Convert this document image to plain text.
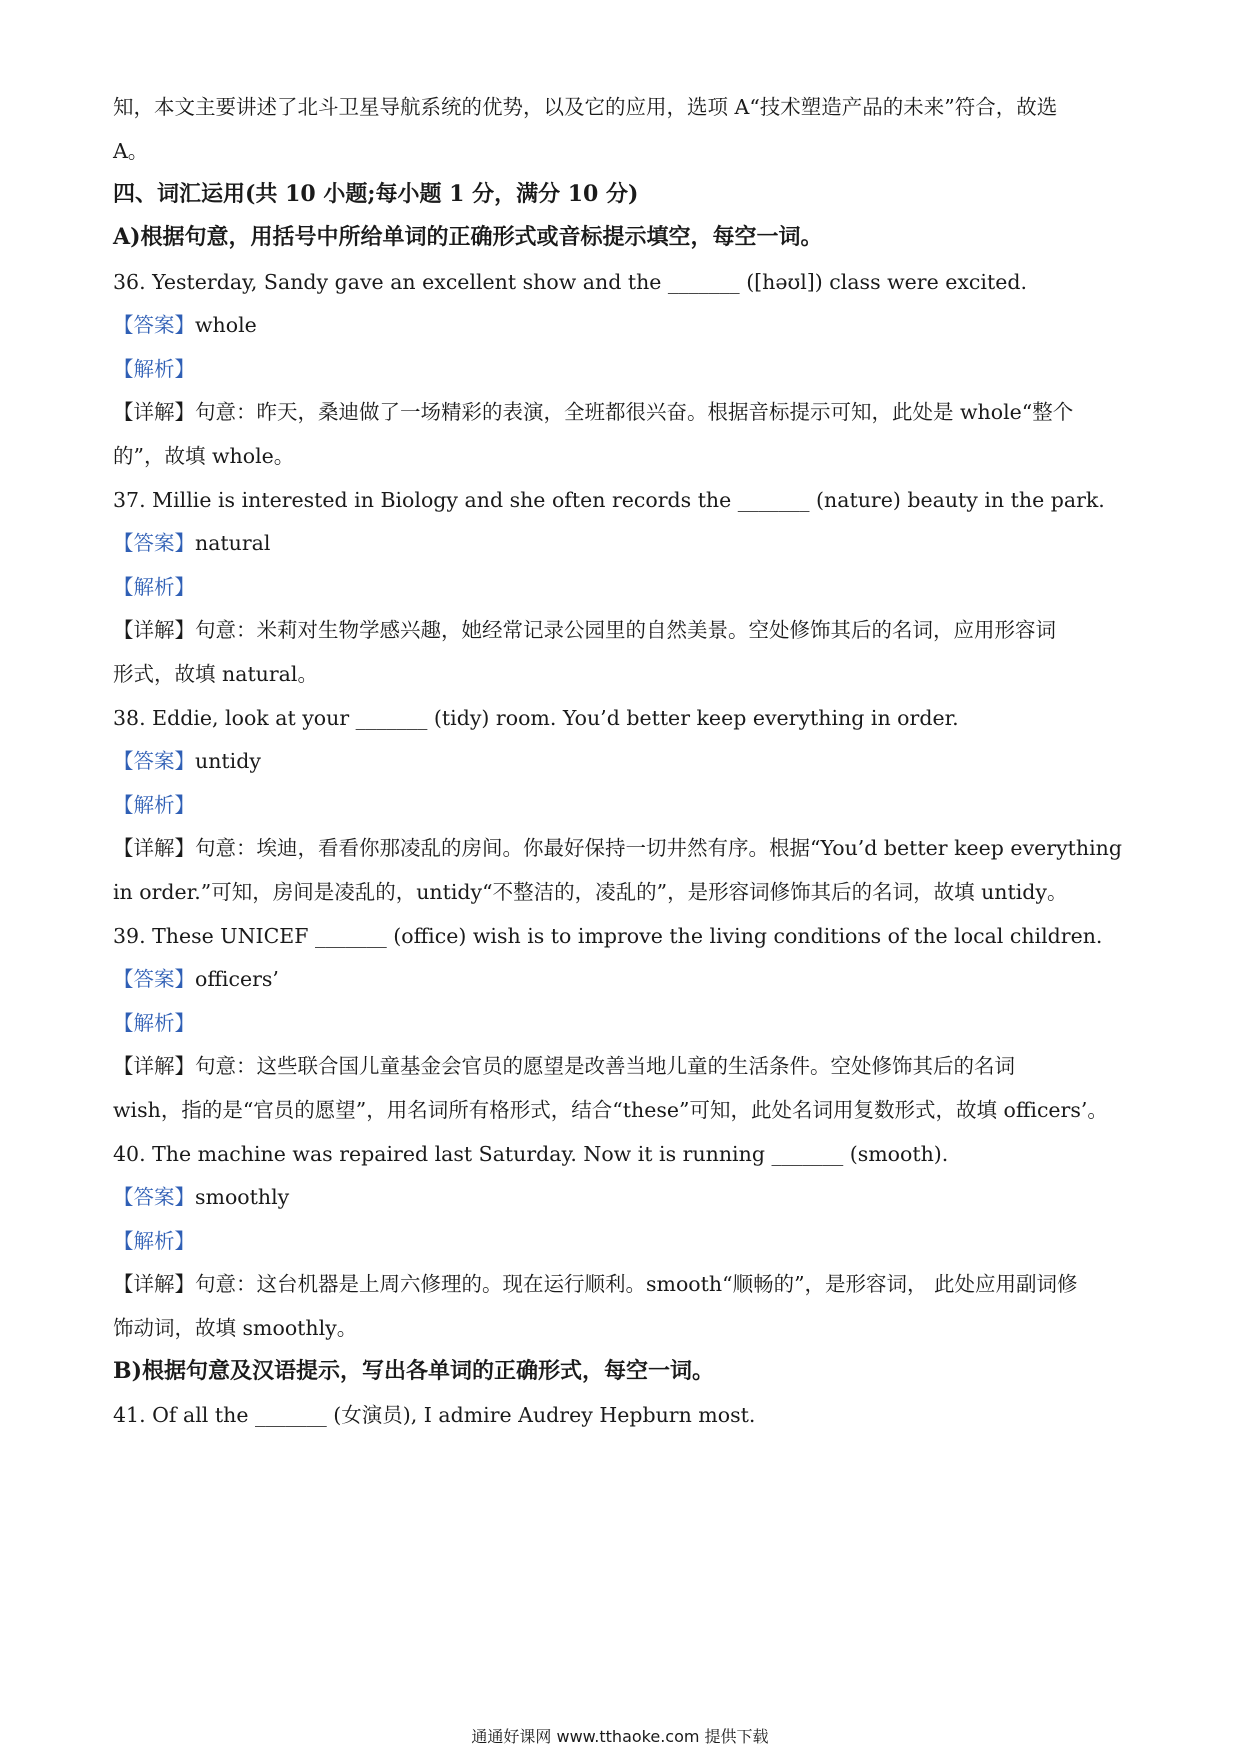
知，本文主要讲述了北斗卫星导航系统的优势，以及它的应用，选项 A“技术塑造产品的未来”符合，故选
A。
四、词汇运用(共 10 小题;每小题 1 分，满分 10 分)
A)根据句意，用括号中所给单词的正确形式或音标提示填空，每空一词。
36. Yesterday, Sandy gave an excellent show and the _______ ([həʊl]) class were excited.
【答案】whole
【解析】
【详解】句意：昨天，桑迪做了一场精彩的表演，全班都很兴奋。根据音标提示可知，此处是 whole“整个
的”，故填 whole。
37. Millie is interested in Biology and she often records the _______ (nature) beauty in the park.
【答案】natural
【解析】
【详解】句意：米莉对生物学感兴趣，她经常记录公园里的自然美景。空处修饰其后的名词，应用形容词
形式，故填 natural。
38. Eddie, look at your _______ (tidy) room. You’d better keep everything in order.
【答案】untidy
【解析】
【详解】句意：埃迪，看看你那凌乱的房间。你最好保持一切井然有序。根据“You’d better keep everything
in order.”可知，房间是凌乱的，untidy“不整洁的，凌乱的”，是形容词修饰其后的名词，故填 untidy。
39. These UNICEF _______ (office) wish is to improve the living conditions of the local children.
【答案】officers’
【解析】
【详解】句意：这些联合国儿童基金会官员的愿望是改善当地儿童的生活条件。空处修饰其后的名词
wish，指的是“官员的愿望”，用名词所有格形式，结合“these”可知，此处名词用复数形式，故填 officers’。
40. The machine was repaired last Saturday. Now it is running _______ (smooth).
【答案】smoothly
【解析】
【详解】句意：这台机器是上周六修理的。现在运行顺利。smooth“顺畅的”，是形容词， 此处应用副词修
饰动词，故填 smoothly。
B)根据句意及汉语提示，写出各单词的正确形式，每空一词。
41. Of all the _______ (女演员), I admire Audrey Hepburn most.
通通好课网 www.tthaoke.com 提供下载
